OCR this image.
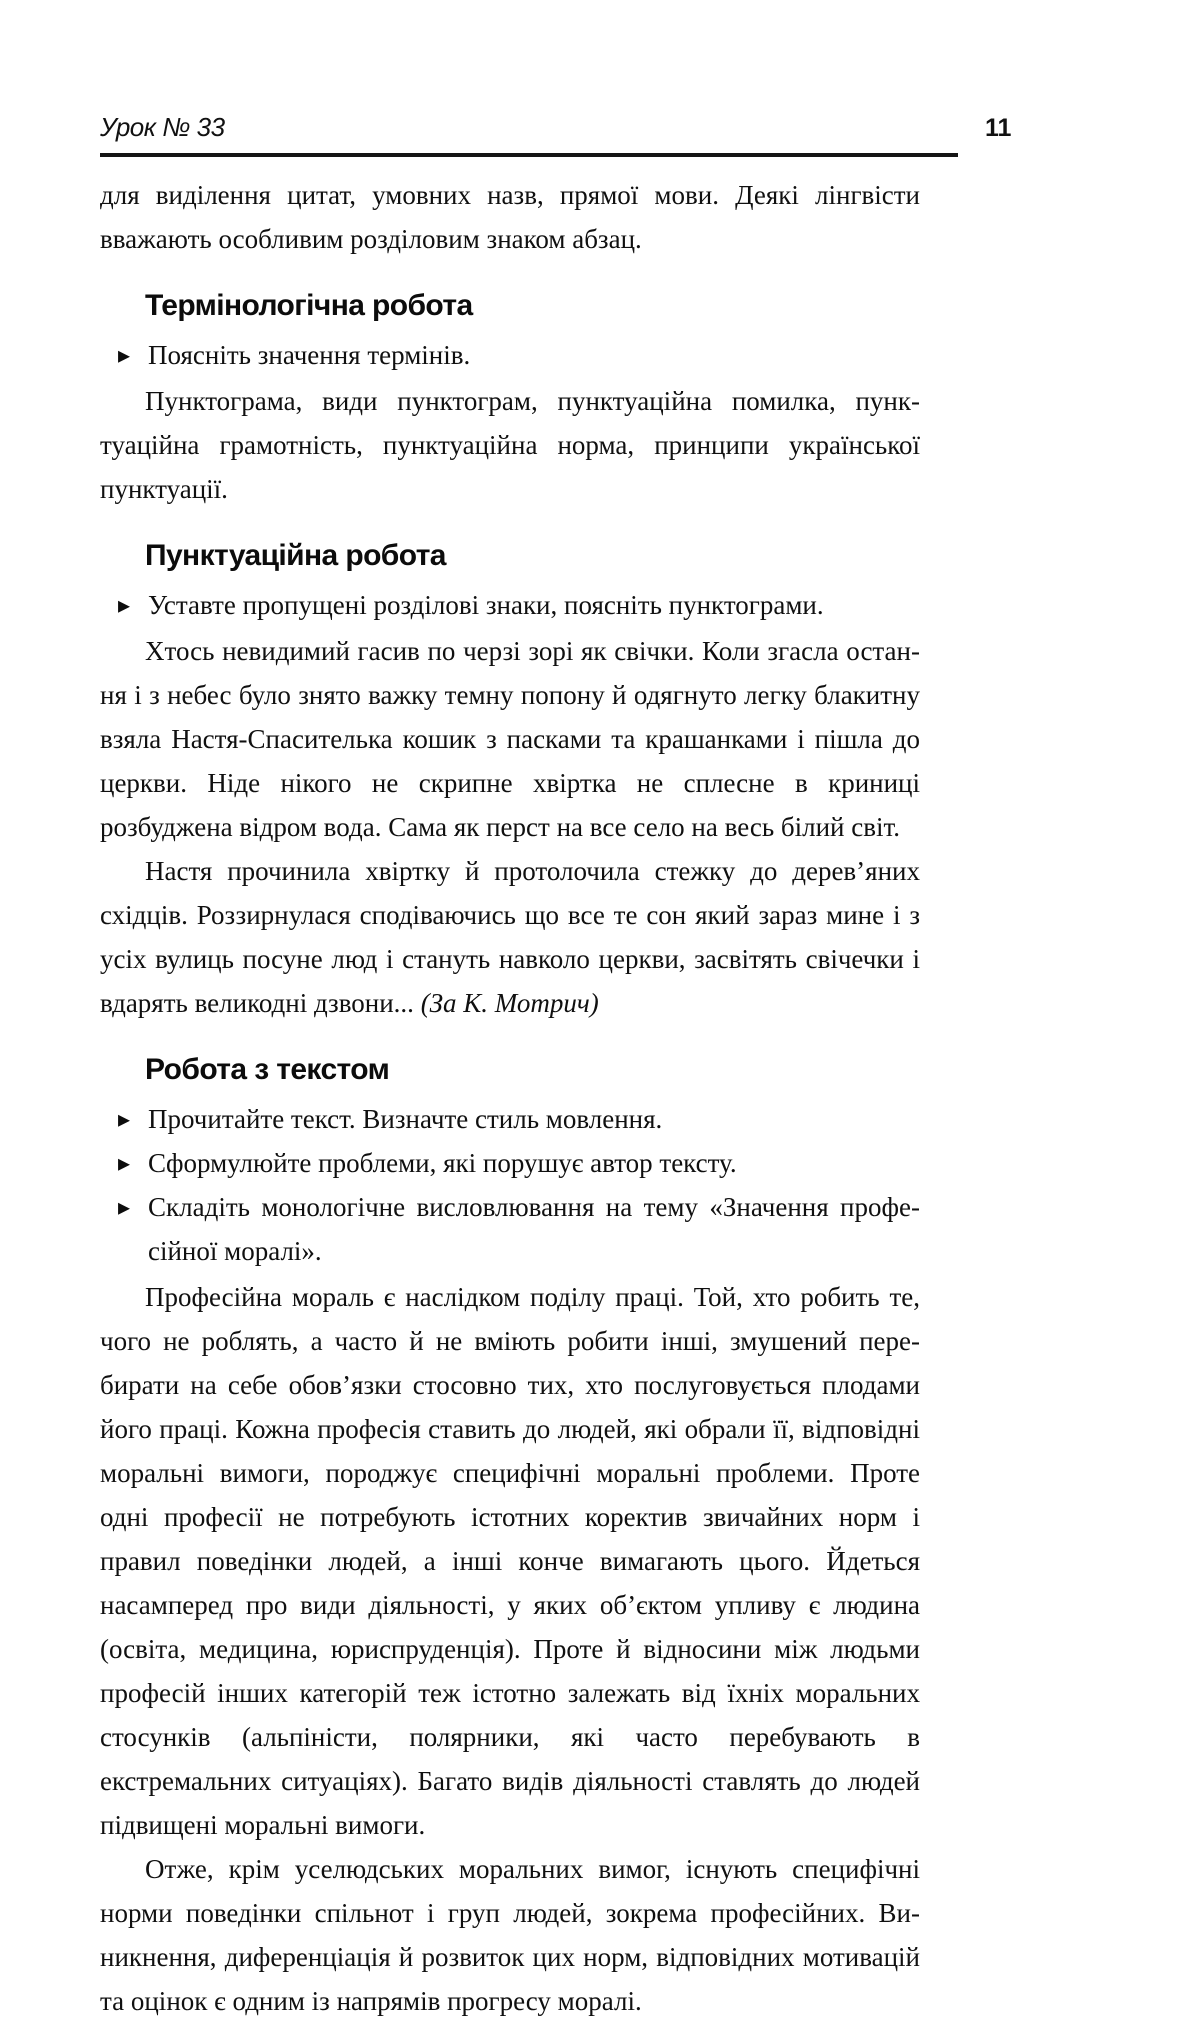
Урок № 33	11

для виділення цитат, умовних назв, прямої мови. Деякі лінгвісти вважають особливим розділовим знаком абзац.

Термінологічна робота
▸ Поясніть значення термінів.

Пунктограма, види пунктограм, пунктуаційна помилка, пунктуаційна грамотність, пунктуаційна норма, принципи української пунктуації.

Пунктуаційна робота
▸ Уставте пропущені розділові знаки, поясніть пунктограми.

Хтось невидимий гасив по черзі зорі як свічки. Коли згасла остання і з небес було знято важку темну попону й одягнуто легку блакитну взяла Настя-Спасителька кошик з пасками та крашанками і пішла до церкви. Ніде нікого не скрипне хвіртка не сплесне в криниці розбуджена відром вода. Сама як перст на все село на весь білий світ.

Настя прочинила хвіртку й протолочила стежку до дерев’яних східців. Роззирнулася сподіваючись що все те сон який зараз мине і з усіх вулиць посуне люд і стануть навколо церкви, засвітять свічечки і вдарять великодні дзвони... (За К. Мотрич)

Робота з текстом
▸ Прочитайте текст. Визначте стиль мовлення.
▸ Сформулюйте проблеми, які порушує автор тексту.
▸ Складіть монологічне висловлювання на тему «Значення професійної моралі».

Професійна мораль є наслідком поділу праці. Той, хто робить те, чого не роблять, а часто й не вміють робити інші, змушений перебирати на себе обов’язки стосовно тих, хто послуговується плодами його праці. Кожна професія ставить до людей, які обрали її, відповідні моральні вимоги, породжує специфічні моральні проблеми. Проте одні професії не потребують істотних коректив звичайних норм і правил поведінки людей, а інші конче вимагають цього. Йдеться насамперед про види діяльності, у яких об’єктом упливу є людина (освіта, медицина, юриспруденція). Проте й відносини між людьми професій інших категорій теж істотно залежать від їхніх моральних стосунків (альпіністи, полярники, які часто перебувають в екстремальних ситуаціях). Багато видів діяльності ставлять до людей підвищені моральні вимоги.

Отже, крім уселюдських моральних вимог, існують специфічні норми поведінки спільнот і груп людей, зокрема професійних. Виникнення, диференціація й розвиток цих норм, відповідних мотивацій та оцінок є одним із напрямів прогресу моралі.
